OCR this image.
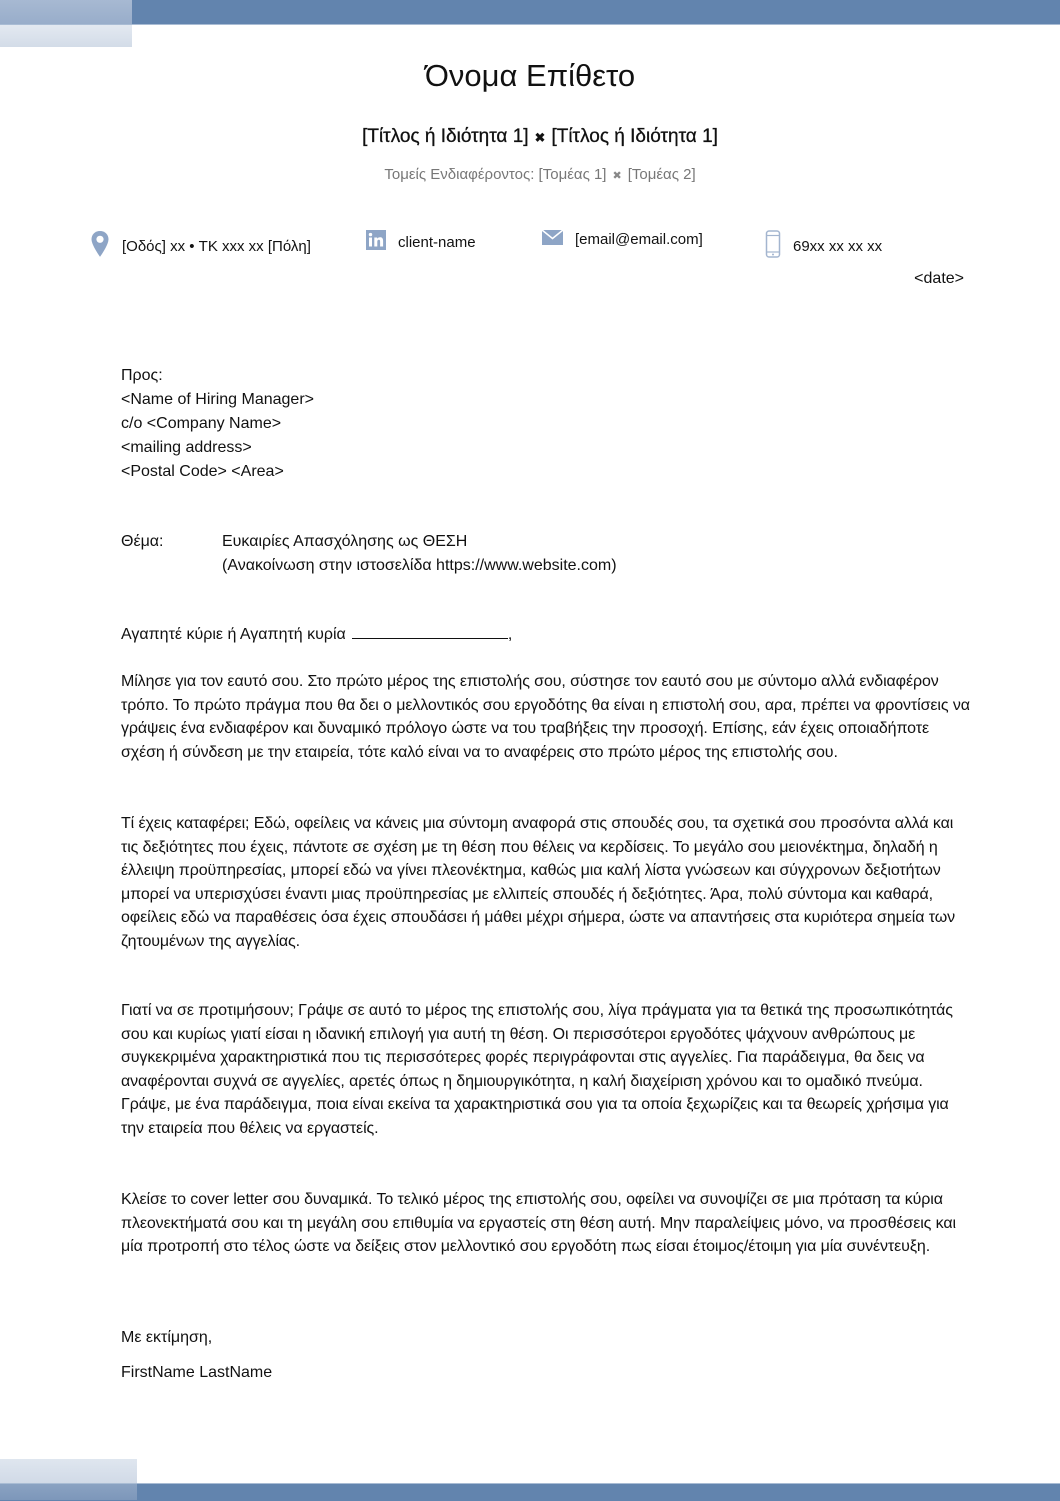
Όνομα Επίθετο
[Τίτλος ή Ιδιότητα 1] ✖ [Τίτλος ή Ιδιότητα 1]
Τομείς Ενδιαφέροντος: [Τομέας 1] ✖ [Τομέας 2]
[Οδός] xx • ΤΚ xxx xx [Πόλη]	client-name	[email@email.com]	69xx xx xx xx
<date>
Προς:
<Name of Hiring Manager>
c/o <Company Name>
<mailing address>
<Postal Code> <Area>
Θέμα:	Ευκαιρίες Απασχόλησης ως ΘΕΣΗ
(Ανακοίνωση στην ιστοσελίδα https://www.website.com)
Αγαπητέ κύριε ή Αγαπητή κυρία	,

Μίλησε για τον εαυτό σου. Στο πρώτο μέρος της επιστολής σου, σύστησε τον εαυτό σου με σύντομο αλλά ενδιαφέρον τρόπο. Το πρώτο πράγμα που θα δει ο μελλοντικός σου εργοδότης θα είναι η επιστολή σου, αρα, πρέπει να φροντίσεις να γράψεις ένα ενδιαφέρον και δυναμικό πρόλογο ώστε να του τραβήξεις την προσοχή. Επίσης, εάν έχεις οποιαδήποτε σχέση ή σύνδεση με την εταιρεία, τότε καλό είναι να το αναφέρεις στο πρώτο μέρος της επιστολής σου.

Τί έχεις καταφέρει; Εδώ, οφείλεις να κάνεις μια σύντομη αναφορά στις σπουδές σου, τα σχετικά σου προσόντα αλλά και τις δεξιότητες που έχεις, πάντοτε σε σχέση με τη θέση που θέλεις να κερδίσεις. Το μεγάλο σου μειονέκτημα, δηλαδή η έλλειψη προϋπηρεσίας, μπορεί εδώ να γίνει πλεονέκτημα, καθώς μια καλή λίστα γνώσεων και σύγχρονων δεξιοτήτων μπορεί να υπερισχύσει έναντι μιας προϋπηρεσίας με ελλιπείς σπουδές ή δεξιότητες. Άρα, πολύ σύντομα και καθαρά, οφείλεις εδώ να παραθέσεις όσα έχεις σπουδάσει ή μάθει μέχρι σήμερα, ώστε να απαντήσεις στα κυριότερα σημεία των ζητουμένων της αγγελίας.

Γιατί να σε προτιμήσουν; Γράψε σε αυτό το μέρος της επιστολής σου, λίγα πράγματα για τα θετικά της προσωπικότητάς σου και κυρίως γιατί είσαι η ιδανική επιλογή για αυτή τη θέση. Οι περισσότεροι εργοδότες ψάχνουν ανθρώπους με συγκεκριμένα χαρακτηριστικά που τις περισσότερες φορές περιγράφονται στις αγγελίες. Για παράδειγμα, θα δεις να αναφέρονται συχνά σε αγγελίες, αρετές όπως η δημιουργικότητα, η καλή διαχείριση χρόνου και το ομαδικό πνεύμα. Γράψε, με ένα παράδειγμα, ποια είναι εκείνα τα χαρακτηριστικά σου για τα οποία ξεχωρίζεις και τα θεωρείς χρήσιμα για την εταιρεία που θέλεις να εργαστείς.

Κλείσε το cover letter σου δυναμικά. Το τελικό μέρος της επιστολής σου, οφείλει να συνοψίζει σε μια πρόταση τα κύρια πλεονεκτήματά σου και τη μεγάλη σου επιθυμία να εργαστείς στη θέση αυτή. Μην παραλείψεις μόνο, να προσθέσεις και μία προτροπή στο τέλος ώστε να δείξεις στον μελλοντικό σου εργοδότη πως είσαι έτοιμος/έτοιμη για μία συνέντευξη.

Με εκτίμηση,
FirstName LastName
